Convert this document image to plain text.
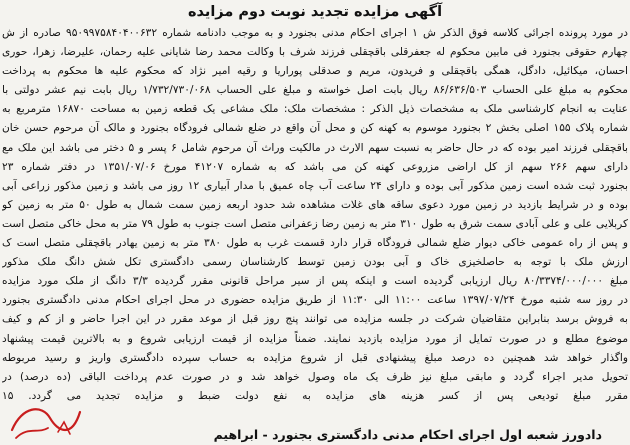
آگهی مزایده تجدید نوبت دوم مزایده
در مورد پرونده اجرائی کلاسه فوق الذکر ش ۱ اجرای احکام مدنی بجنورد و به موجب دادنامه شماره ۹۵۰۹۹۷۵۸۴۰۴۰۰۶۳۲ صادره از ش
چهارم حقوقی بجنورد فی مابین محکوم له جعفرقلی باقچقلی فرزند شرف با وکالت محمد رضا شایانی علیه رحمان، علیرضا، زهرا، حوری
احسان، میکائیل، دادگل، همگی باقچقلی و فریدون، مریم و صدقلی پوراریا و رقیه امیر نژاد که محکوم علیه ها محکوم به پرداخت
محکوم به مبلغ علی الحساب ۸۶/۶۳۶/۵۰۳ ریال بابت اصل خواسته و مبلغ علی الحساب ۱/۷۳۲/۷۳۰/۰۶۸ ریال بابت نیم عشر دولتی با
عنایت به انجام کارشناسی ملک به مشخصات ذیل الذکر : مشخصات ملک: ملک مشاعی یک قطعه زمین به مساحت ۱۶۸۷۰ مترمربع به
شماره پلاک ۱۵۵ اصلی بخش ۲ بجنورد موسوم به کهنه کن و محل آن واقع در ضلع شمالی فرودگاه بجنورد و مالک آن مرحوم حسن خان
باقچقلی فرزند امیر بوده که در حال حاضر به نسبت سهم الارث در مالکیت وراث آن مرحوم شامل ۶ پسر و ۵ دختر می باشد این ملک مع
دارای سهم ۲۶۶ سهم از کل اراضی مزروعی کهنه کن می باشد که به شماره ۴۱۲۰۷ مورخ ۱۳۵۱/۰۷/۰۶ در دفتر شماره ۲۳
بجنورد ثبت شده است زمین مذکور آبی بوده و دارای ۲۴ ساعت آب چاه عمیق با مدار آبیاری ۱۲ روز می باشد و زمین مذکور زراعی آبی
بوده و در شرایط بازدید در زمین مورد دعوی ساقه های غلات مشاهده شد حدود اربعه زمین سمت شمال به طول ۵۰ متر به زمین کو
کربلایی علی و علی آبادی سمت شرق به طول ۳۱۰ متر به زمین رضا زعفرانی متصل است جنوب به طول ۷۹ متر به محل خاکی متصل است
و پس از راه عمومی خاکی دیوار ضلع شمالی فرودگاه قرار دارد قسمت غرب به طول ۳۸۰ متر به زمین یهادر باقچقلی متصل است ک
ارزش ملک با توجه به حاصلخیزی خاک و آبی بودن زمین توسط کارشناسان رسمی دادگستری تکل شش دانگ ملک مذکور
مبلغ ۸۰/۳۳۷۴/۰۰۰/۰۰۰ ریال ارزیابی گردیده است و اینکه پس از سیر مراحل قانونی مقرر گردیده ۳/۳ دانگ از ملک مورد مزایده
در روز سه شنبه مورخ ۱۳۹۷/۰۷/۲۴ ساعت ۱۱:۰۰ الی ۱۱:۳۰ از طریق مزایده حضوری در محل اجرای احکام مدنی دادگستری بجنورد
به فروش برسد بنابراین متقاضیان شرکت در جلسه مزایده می توانند پنج روز قبل از موعد مقرر در این اجرا حاضر و از کم و کیف
موضوع مطلع و در صورت تمایل از مورد مزایده بازدید نمایند. ضمناً مزایده از قیمت ارزیابی شروع و به بالاترین قیمت پیشنهاد
واگذار خواهد شد همچنین ده درصد مبلغ پیشنهادی قبل از شروع مزایده به حساب سپرده دادگستری واریز و رسید مربوطه
تحویل مدیر اجراء گردد و مابقی مبلغ نیز ظرف یک ماه وصول خواهد شد و در صورت عدم پرداخت الباقی (ده درصد) در
مقرر مبلغ تودیعی پس از کسر هزینه های مزایده به نفع دولت ضبط و مزایده تجدید می گردد. ۱۵
دادورز شعبه اول اجرای احکام مدنی دادگستری بجنورد - ابراهیم
